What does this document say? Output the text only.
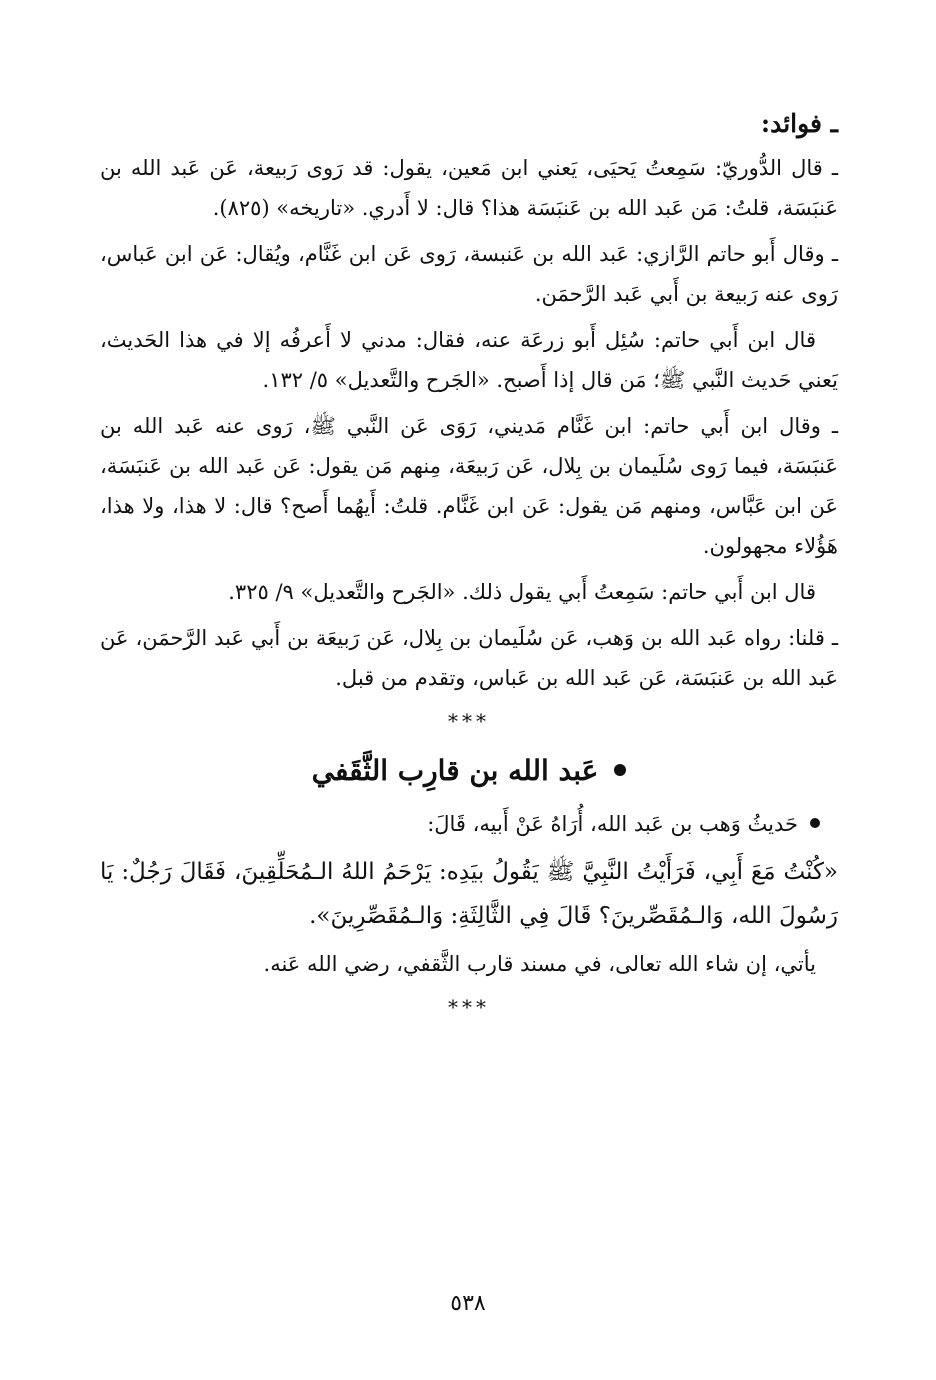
ـ فوائد:

ـ قال الدُّوريّ: سَمِعتُ يَحيَى، يَعني ابن مَعين، يقول: قد رَوى رَبيعة، عَن عَبد الله بن عَنبَسَة، قلتُ: مَن عَبد الله بن عَنبَسَة هذا؟ قال: لا أَدري. «تاريخه» (٨٢٥).

ـ وقال أَبو حاتم الرَّازي: عَبد الله بن عَنبسة، رَوى عَن ابن غَنَّام، ويُقال: عَن ابن عَباس، رَوى عنه رَبيعة بن أَبي عَبد الرَّحمَن.

قال ابن أَبي حاتم: سُئِل أَبو زرعَة عنه، فقال: مدني لا أَعرفُه إلا في هذا الحَديث، يَعني حَديث النَّبي ﷺ؛ مَن قال إذا أَصبح. «الجَرح والتَّعديل» ٥/ ١٣٢.

ـ وقال ابن أَبي حاتم: ابن غَنَّام مَديني، رَوَى عَن النَّبي ﷺ، رَوى عنه عَبد الله بن عَنبَسَة، فيما رَوى سُلَيمان بن بِلال، عَن رَبيعَة، مِنهم مَن يقول: عَن عَبد الله بن عَنبَسَة، عَن ابن عَبَّاس، ومنهم مَن يقول: عَن ابن غَنَّام. قلتُ: أَيهُما أَصح؟ قال: لا هذا، ولا هذا، هَؤُلاء مجهولون.

قال ابن أَبي حاتم: سَمِعتُ أَبي يقول ذلك. «الجَرح والتَّعديل» ٩/ ٣٢٥.

ـ قلنا: رواه عَبد الله بن وَهب، عَن سُلَيمان بن بِلال، عَن رَبيعَة بن أَبي عَبد الرَّحمَن، عَن عَبد الله بن عَنبَسَة، عَن عَبد الله بن عَباس، وتقدم من قبل.

***
عَبد الله بن قارِب الثَّقَفي
حَديثُ وَهب بن عَبد الله، أُرَاهُ عَنْ أَبيه، قَالَ:

«كُنْتُ مَعَ أَبِي، فَرَأَيْتُ النَّبِيَّ ﷺ يَقُولُ بيَدِه: يَرْحَمُ اللهُ الـمُحَلِّقِينَ، فَقَالَ رَجُلٌ: يَا رَسُولَ الله، وَالـمُقَصِّرينَ؟ قَالَ فِي الثَّالِثَةِ: وَالـمُقَصِّرِينَ».

يأتي، إن شاء الله تعالى، في مسند قارب الثَّقفي، رضي الله عَنه.

***
٥٣٨
